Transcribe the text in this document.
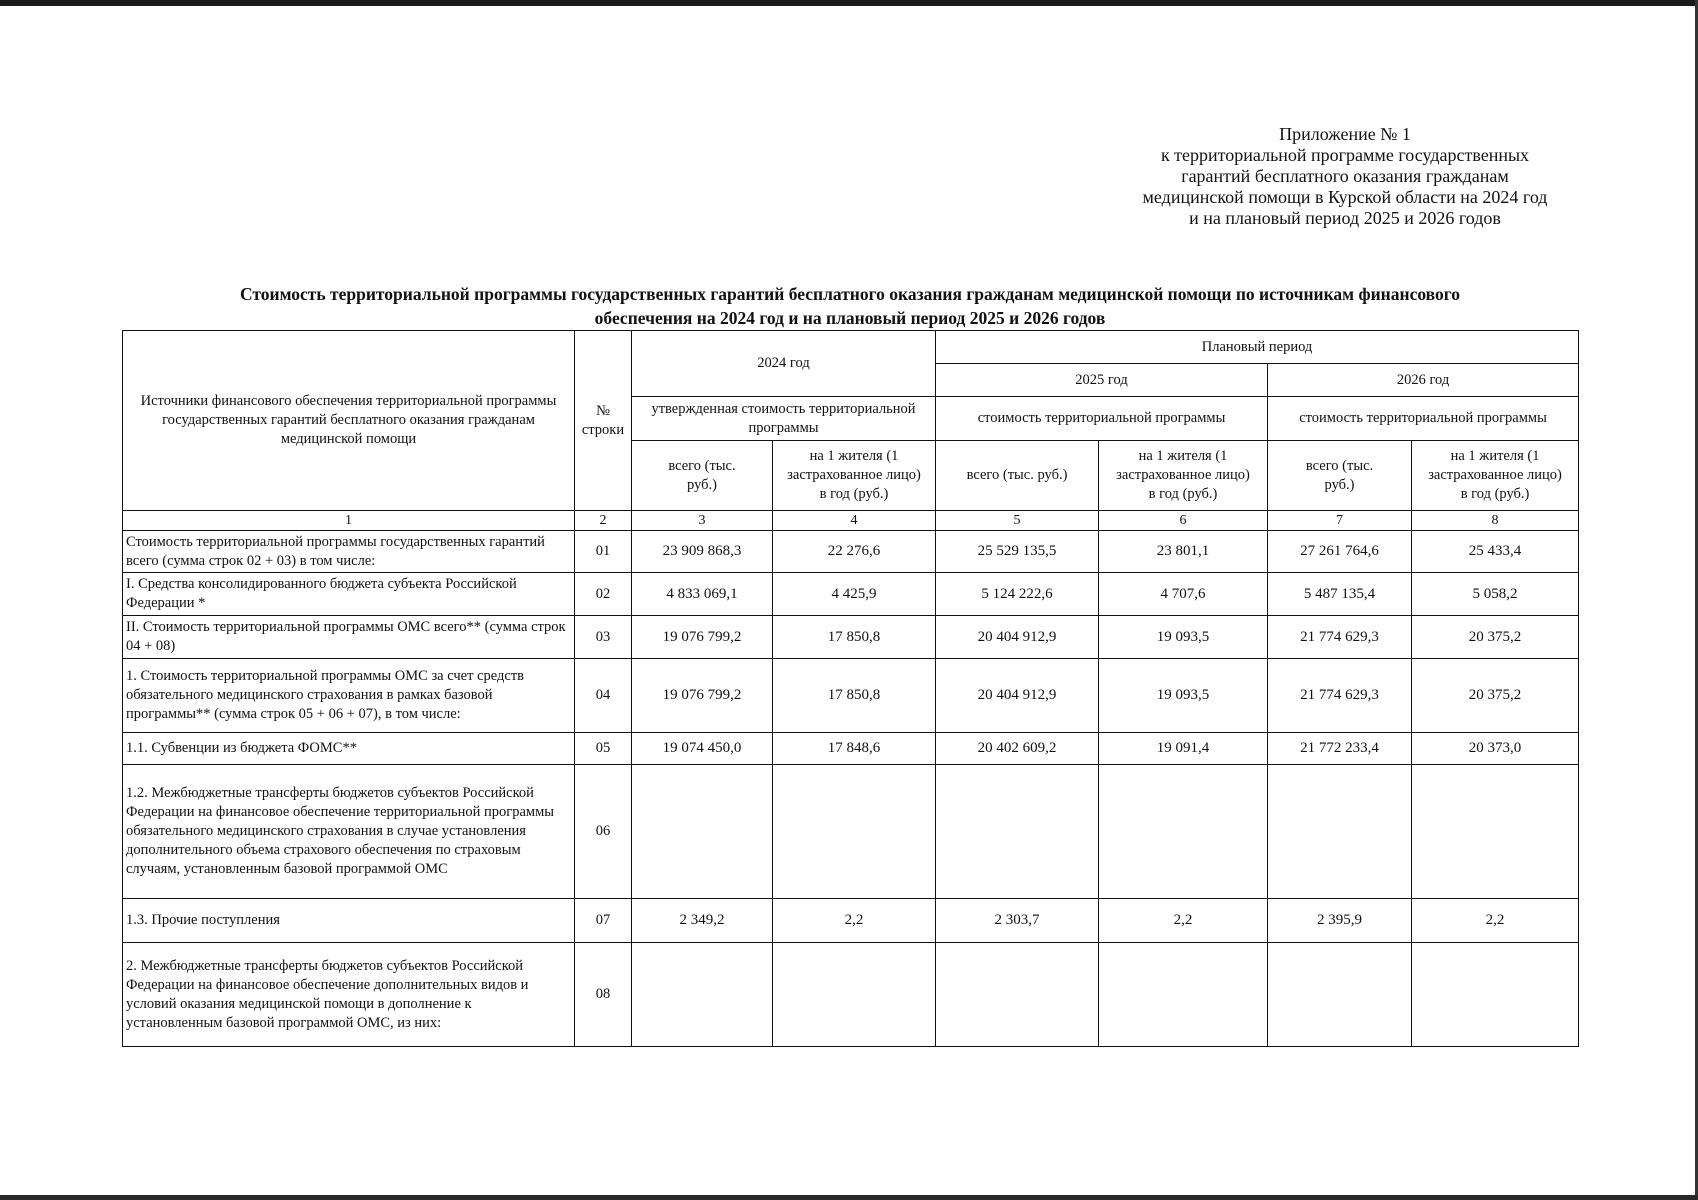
Приложение № 1
к территориальной программе государственных
гарантий бесплатного оказания гражданам
медицинской помощи в Курской области на 2024 год
и на плановый период 2025 и 2026 годов
Стоимость территориальной программы государственных гарантий бесплатного оказания гражданам медицинской помощи по источникам финансового
обеспечения на 2024 год и на плановый период 2025 и 2026 годов
Источники финансового обеспечения территориальной программы государственных гарантий бесплатного оказания гражданам медицинской помощи	№ строки	2024 год		Плановый период			
				2025 год		2026 год	
		утвержденная стоимость территориальной программы		стоимость территориальной программы		стоимость территориальной программы	
		всего (тыс. руб.)	на 1 жителя (1 застрахованное лицо) в год (руб.)	всего (тыс. руб.)	на 1 жителя (1 застрахованное лицо) в год (руб.)	всего (тыс. руб.)	на 1 жителя (1 застрахованное лицо) в год (руб.)
1	2	3	4	5	6	7	8
Стоимость территориальной программы государственных гарантий всего (сумма строк 02 + 03) в том числе:	01	23 909 868,3	22 276,6	25 529 135,5	23 801,1	27 261 764,6	25 433,4
I. Средства консолидированного бюджета субъекта Российской Федерации *	02	4 833 069,1	4 425,9	5 124 222,6	4 707,6	5 487 135,4	5 058,2
II. Стоимость территориальной программы ОМС всего** (сумма строк 04 + 08)	03	19 076 799,2	17 850,8	20 404 912,9	19 093,5	21 774 629,3	20 375,2
1. Стоимость территориальной программы ОМС за счет средств обязательного медицинского страхования в рамках базовой программы** (сумма строк 05 + 06 + 07), в том числе:	04	19 076 799,2	17 850,8	20 404 912,9	19 093,5	21 774 629,3	20 375,2
1.1. Субвенции из бюджета ФОМС**	05	19 074 450,0	17 848,6	20 402 609,2	19 091,4	21 772 233,4	20 373,0
1.2. Межбюджетные трансферты бюджетов субъектов Российской Федерации на финансовое обеспечение территориальной программы обязательного медицинского страхования в случае установления дополнительного объема страхового обеспечения по страховым случаям, установленным базовой программой ОМС	06						
1.3. Прочие поступления	07	2 349,2	2,2	2 303,7	2,2	2 395,9	2,2
2. Межбюджетные трансферты бюджетов субъектов Российской Федерации на финансовое обеспечение дополнительных видов и условий оказания медицинской помощи в дополнение к установленным базовой программой ОМС, из них:	08						
